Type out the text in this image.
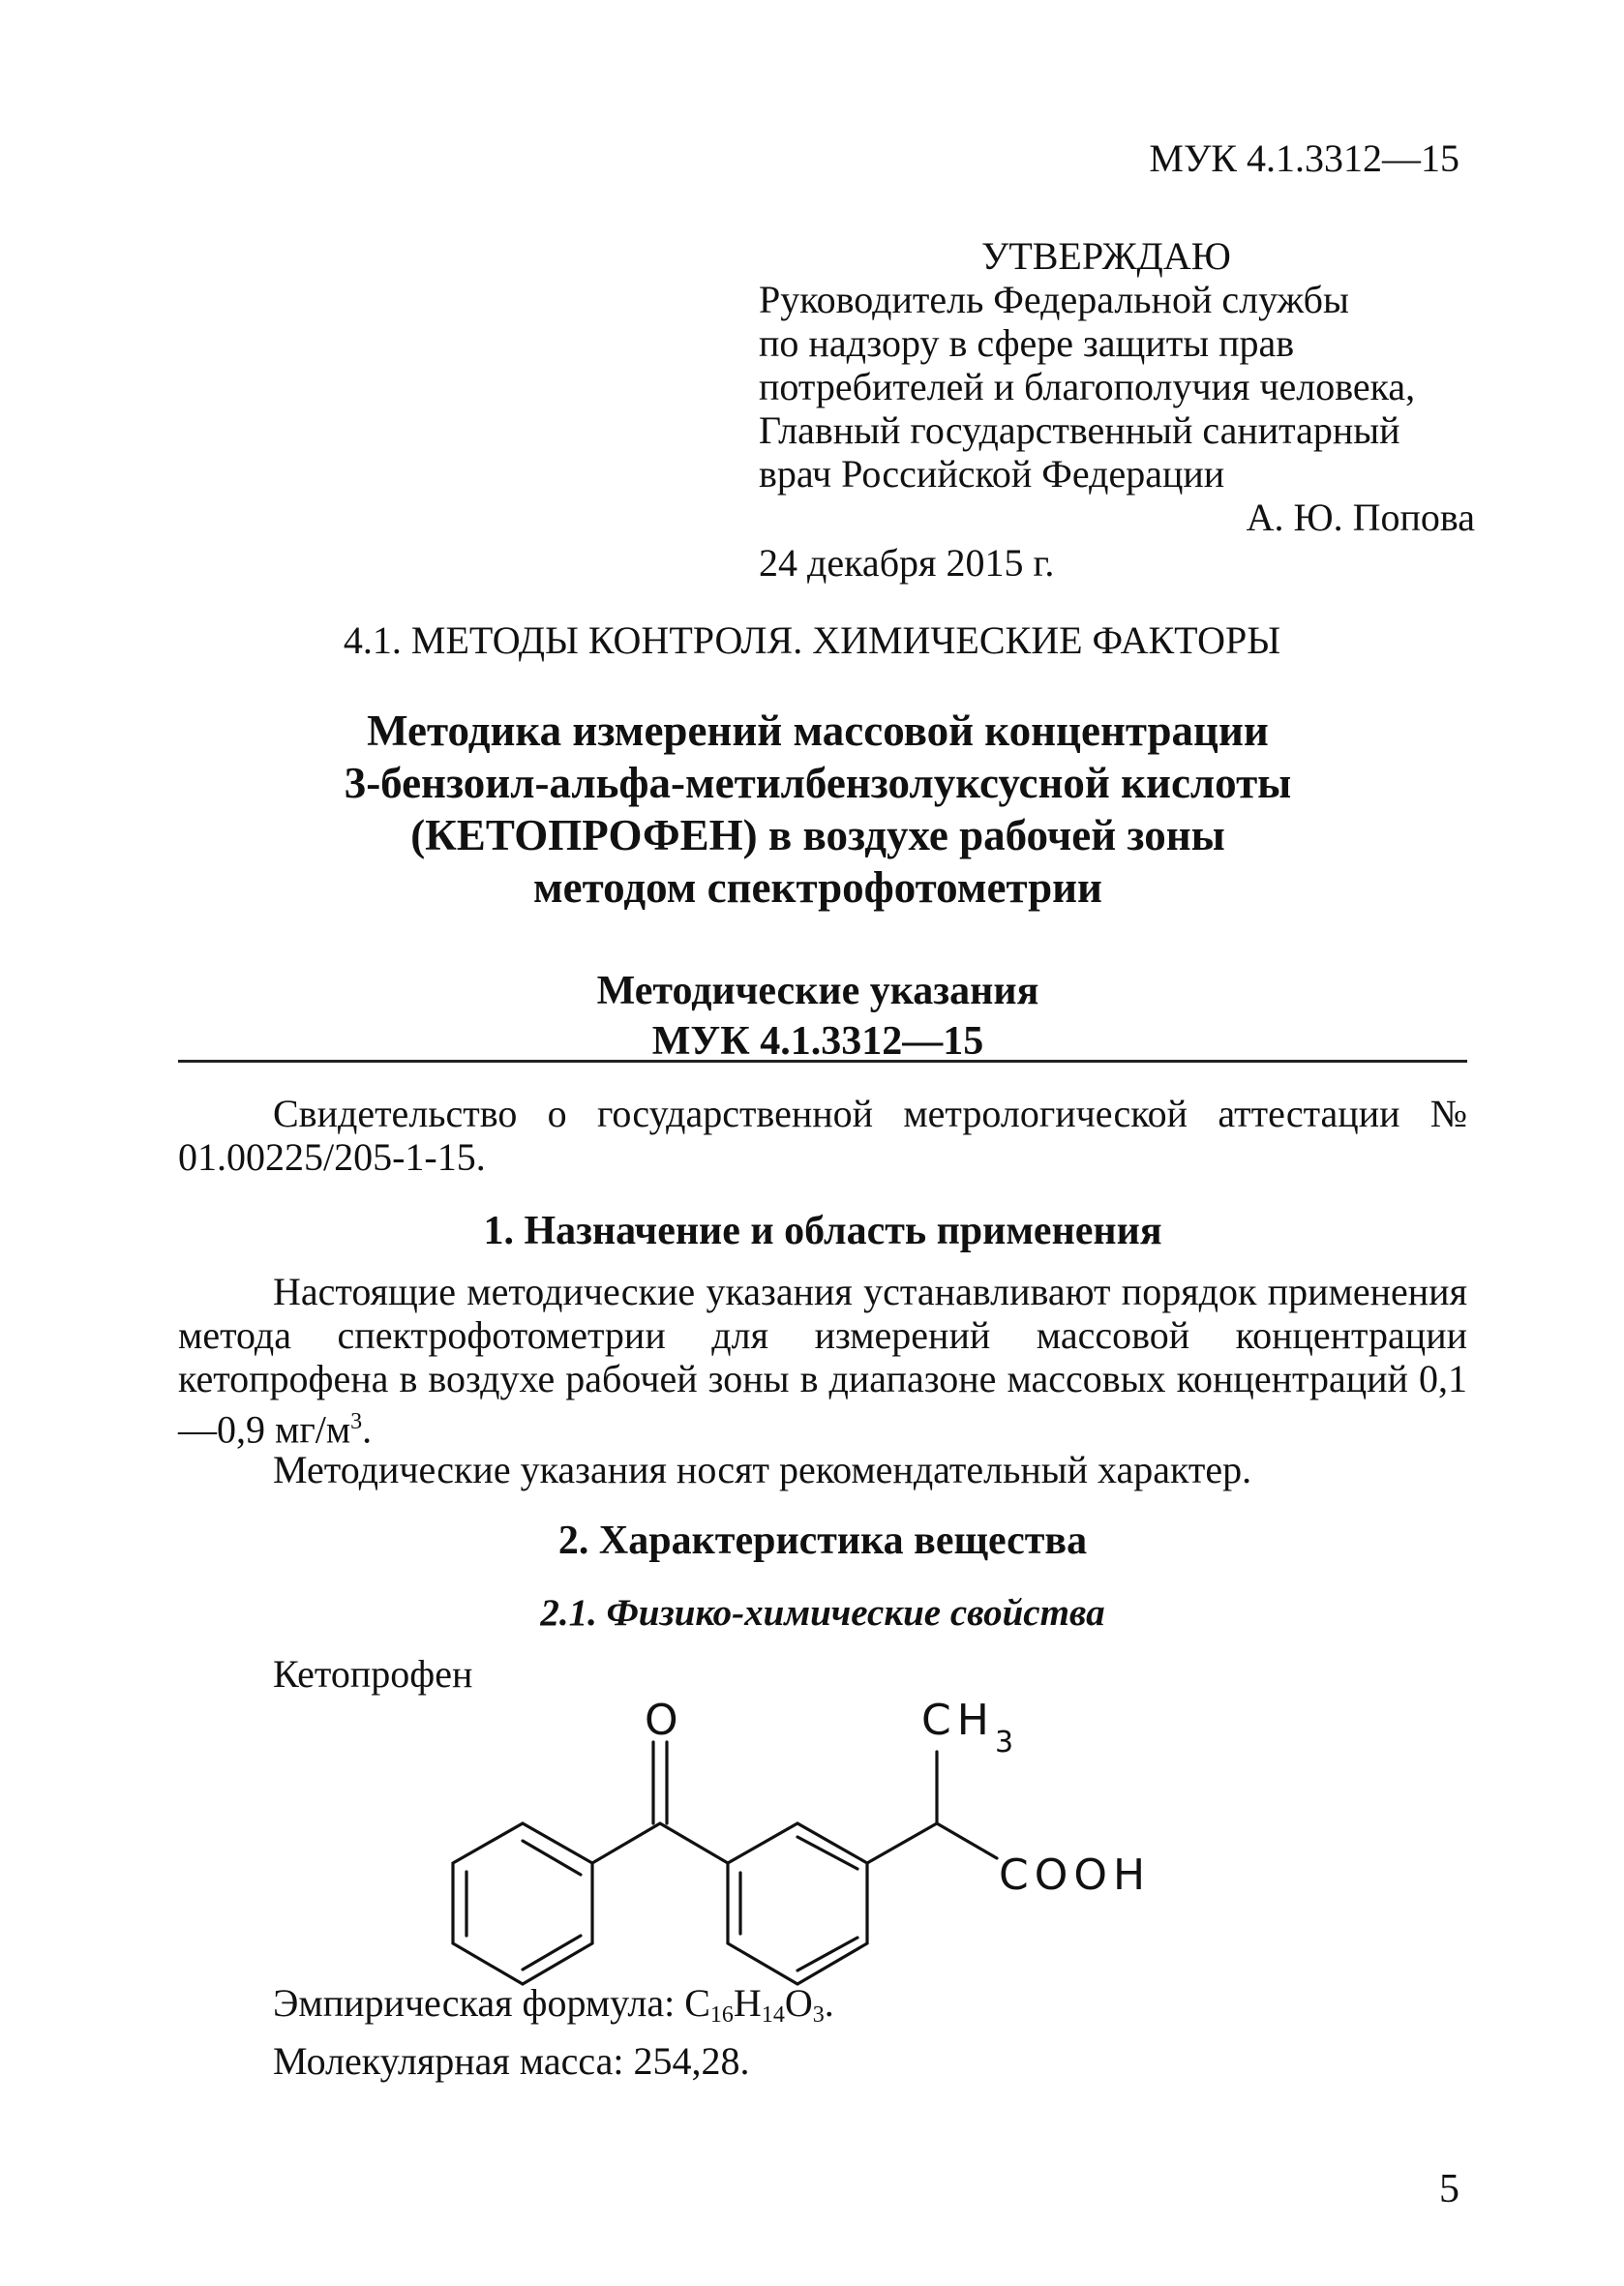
МУК 4.1.3312—15
УТВЕРЖДАЮ
Руководитель Федеральной службы
по надзору в сфере защиты прав
потребителей и благополучия человека,
Главный государственный санитарный
врач Российской Федерации
А. Ю. Попова
24 декабря 2015 г.
4.1. МЕТОДЫ КОНТРОЛЯ. ХИМИЧЕСКИЕ ФАКТОРЫ
Методика измерений массовой концентрации
3-бензоил-альфа-метилбензолуксусной кислоты
(КЕТОПРОФЕН) в воздухе рабочей зоны
методом спектрофотометрии
Методические указания
МУК 4.1.3312—15
Свидетельство о государственной метрологической аттестации № 01.00225/205-1-15.
1. Назначение и область применения
Настоящие методические указания устанавливают порядок применения метода спектрофотометрии для измерений массовой концентрации кетопрофена в воздухе рабочей зоны в диапазоне массовых концентраций 0,1—0,9 $мг/м^3$.
Методические указания носят рекомендательный характер.
2. Характеристика вещества
2.1. Физико-химические свойства
Кетопрофен
O	CH 3
COOH
Эмпирическая формула: $C_{16}H_{14}O_3$.
Молекулярная масса: 254,28.
5
